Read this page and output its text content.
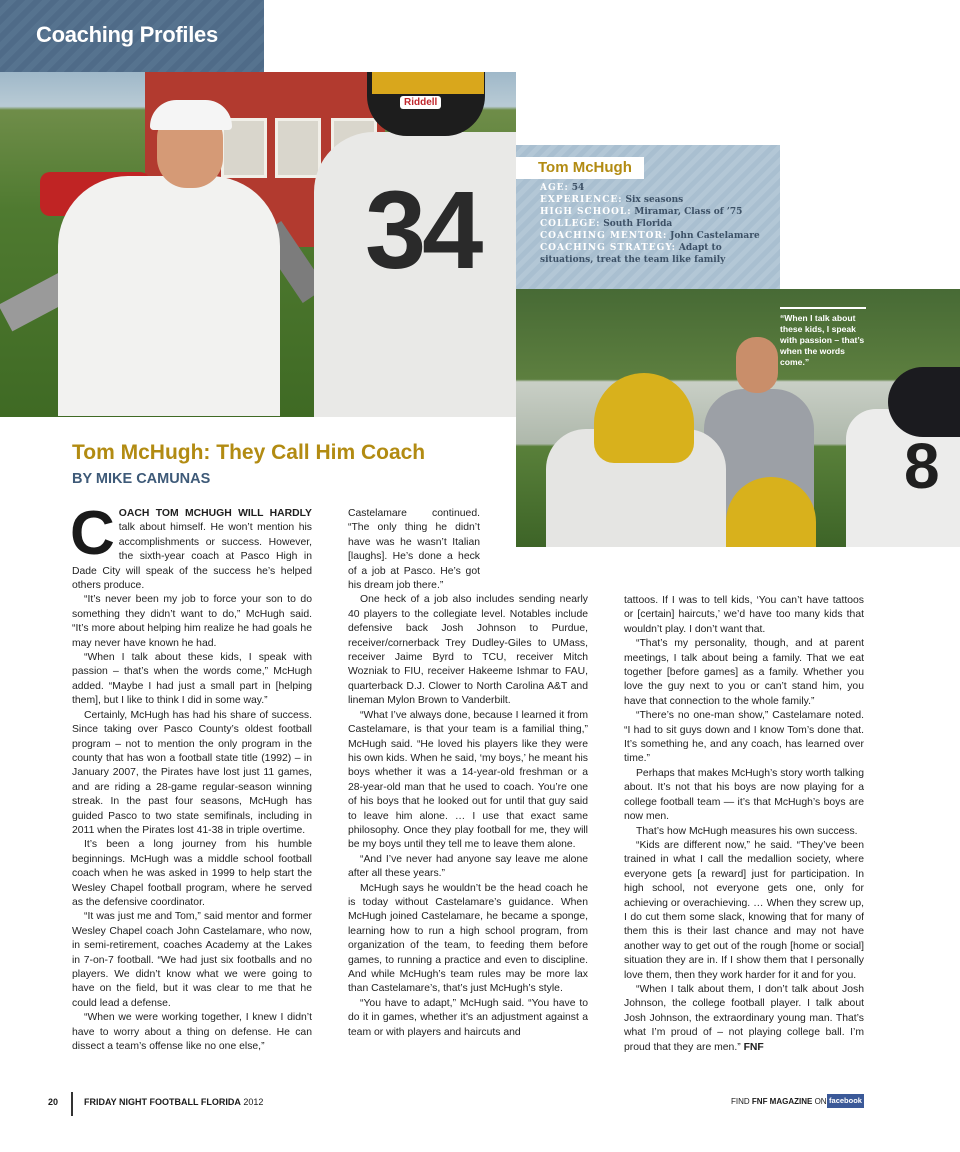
Coaching Profiles
Riddell
34
Tom McHugh
AGE: 54
EXPERIENCE: Six seasons
HIGH SCHOOL: Miramar, Class of ’75
COLLEGE: South Florida
COACHING MENTOR: John Castelamare
COACHING STRATEGY: Adapt to situations, treat the team like family
8
“When I talk about these kids, I speak with passion – that’s when the words come.”
Tom McHugh: They Call Him Coach
BY MIKE CAMUNAS

COACH TOM MCHUGH WILL HARDLY talk about himself. He won’t mention his accomplishments or success. However, the sixth-year coach at Pasco High in Dade City will speak of the success he’s helped others produce.

“It’s never been my job to force your son to do something they didn’t want to do,” McHugh said. “It’s more about helping him realize he had goals he may never have known he had.

“When I talk about these kids, I speak with passion – that’s when the words come,” McHugh added. “Maybe I had just a small part in [helping them], but I like to think I did in some way.”

Certainly, McHugh has had his share of success. Since taking over Pasco County’s oldest football program – not to mention the only program in the county that has won a football state title (1992) – in January 2007, the Pirates have lost just 11 games, and are riding a 28-game regular-season winning streak. In the past four seasons, McHugh has guided Pasco to two state semifinals, including in 2011 when the Pirates lost 41-38 in triple overtime.

It’s been a long journey from his humble beginnings. McHugh was a middle school football coach when he was asked in 1999 to help start the Wesley Chapel football program, where he served as the defensive coordinator.

“It was just me and Tom,” said mentor and former Wesley Chapel coach John Castelamare, who now, in semi-retirement, coaches Academy at the Lakes in 7-on-7 football. “We had just six footballs and no players. We didn’t know what we were going to have on the field, but it was clear to me that he could lead a defense.

“When we were working together, I knew I didn’t have to worry about a thing on defense. He can dissect a team’s offense like no one else,”

Castelamare continued. “The only thing he didn’t have was he wasn’t Italian [laughs]. He’s done a heck of a job at Pasco. He’s got his dream job there.”

One heck of a job also includes sending nearly 40 players to the collegiate level. Notables include defensive back Josh Johnson to Purdue, receiver/cornerback Trey Dudley-Giles to UMass, receiver Jaime Byrd to TCU, receiver Mitch Wozniak to FIU, receiver Hakeeme Ishmar to FAU, quarterback D.J. Clower to North Carolina A&T and lineman Mylon Brown to Vanderbilt.

“What I’ve always done, because I learned it from Castelamare, is that your team is a familial thing,” McHugh said. “He loved his players like they were his own kids. When he said, ‘my boys,’ he meant his boys whether it was a 14-year-old freshman or a 28-year-old man that he used to coach. You’re one of his boys that he looked out for until that guy said to leave him alone. … I use that exact same philosophy. Once they play football for me, they will be my boys until they tell me to leave them alone.

“And I’ve never had anyone say leave me alone after all these years.”

McHugh says he wouldn’t be the head coach he is today without Castelamare’s guidance. When McHugh joined Castelamare, he became a sponge, learning how to run a high school program, from organization of the team, to feeding them before games, to running a practice and even to discipline. And while McHugh’s team rules may be more lax than Castelamare’s, that’s just McHugh’s style.

“You have to adapt,” McHugh said. “You have to do it in games, whether it’s an adjustment against a team or with players and haircuts and

tattoos. If I was to tell kids, ‘You can’t have tattoos or [certain] haircuts,’ we’d have too many kids that wouldn’t play. I don’t want that.

“That’s my personality, though, and at parent meetings, I talk about being a family. That we eat together [before games] as a family. Whether you love the guy next to you or can’t stand him, you have that connection to the whole family.”

“There’s no one-man show,” Castelamare noted. “I had to sit guys down and I know Tom’s done that. It’s something he, and any coach, has learned over time.”

Perhaps that makes McHugh’s story worth talking about. It’s not that his boys are now playing for a college football team — it’s that McHugh’s boys are now men.

That’s how McHugh measures his own success.

“Kids are different now,” he said. “They’ve been trained in what I call the medallion society, where everyone gets [a reward] just for participation. In high school, not everyone gets one, only for achieving or overachieving. … When they screw up, I do cut them some slack, knowing that for many of them this is their last chance and may not have another way to get out of the rough [home or social] situation they are in. If I show them that I personally love them, then they work harder for it and for you.

“When I talk about them, I don’t talk about Josh Johnson, the college football player. I talk about Josh Johnson, the extraordinary young man. That’s what I’m proud of – not playing college ball. I’m proud that they are men.” FNF

20	FRIDAY NIGHT FOOTBALL FLORIDA 2012	FIND FNF MAGAZINE ON facebook
